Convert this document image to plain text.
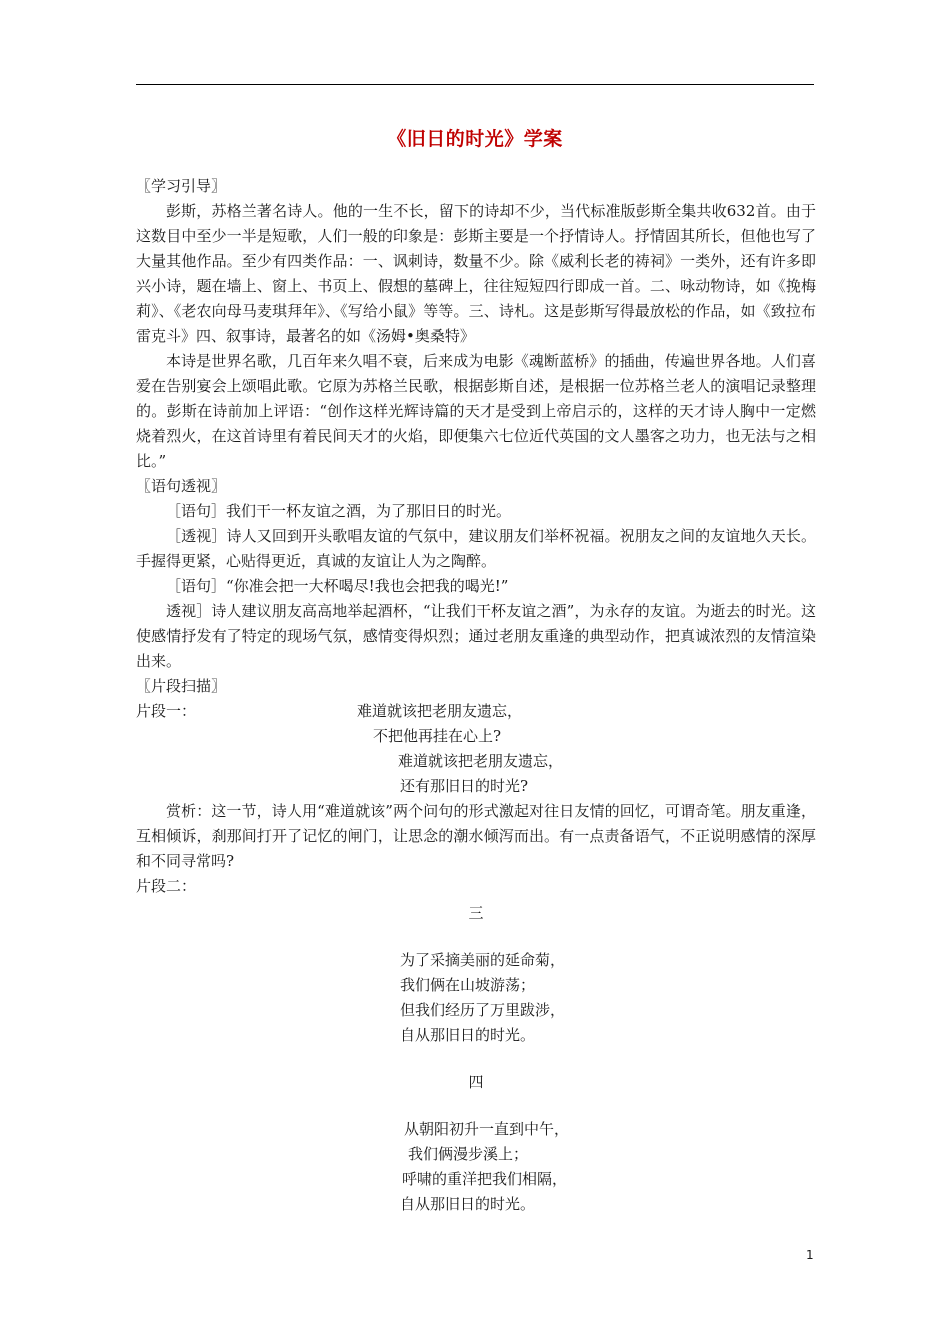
《旧日的时光》学案

〖学习引导〗

彭斯，苏格兰著名诗人。他的一生不长，留下的诗却不少，当代标准版彭斯全集共收632首。由于这数目中至少一半是短歌，人们一般的印象是：彭斯主要是一个抒情诗人。抒情固其所长，但他也写了大量其他作品。至少有四类作品：一、讽刺诗，数量不少。除《威利长老的祷祠》一类外，还有许多即兴小诗，题在墙上、窗上、书页上、假想的墓碑上，往往短短四行即成一首。二、咏动物诗，如《挽梅莉》、《老农向母马麦琪拜年》、《写给小鼠》等等。三、诗札。这是彭斯写得最放松的作品，如《致拉布雷克斗》四、叙事诗，最著名的如《汤姆•奥桑特》

本诗是世界名歌，几百年来久唱不衰，后来成为电影《魂断蓝桥》的插曲，传遍世界各地。人们喜爱在告别宴会上颂唱此歌。它原为苏格兰民歌，根据彭斯自述，是根据一位苏格兰老人的演唱记录整理的。彭斯在诗前加上评语：“创作这样光辉诗篇的天才是受到上帝启示的，这样的天才诗人胸中一定燃烧着烈火，在这首诗里有着民间天才的火焰，即便集六七位近代英国的文人墨客之功力，也无法与之相比。”

〖语句透视〗

［语句］我们干一杯友谊之酒，为了那旧日的时光。

［透视］诗人又回到开头歌唱友谊的气氛中，建议朋友们举杯祝福。祝朋友之间的友谊地久天长。手握得更紧，心贴得更近，真诚的友谊让人为之陶醉。

［语句］“你准会把一大杯喝尽!我也会把我的喝光!”

透视］诗人建议朋友高高地举起酒杯，“让我们干杯友谊之酒”，为永存的友谊。为逝去的时光。这使感情抒发有了特定的现场气氛，感情变得炽烈；通过老朋友重逢的典型动作，把真诚浓烈的友情渲染出来。

〖片段扫描〗

片段一：	难道就该把老朋友遗忘，
不把他再挂在心上?
难道就该把老朋友遗忘，
还有那旧日的时光?

赏析：这一节，诗人用“难道就该”两个问句的形式激起对往日友情的回忆，可谓奇笔。朋友重逢，互相倾诉，刹那间打开了记忆的闸门，让思念的潮水倾泻而出。有一点责备语气，不正说明感情的深厚和不同寻常吗?

片段二：

三
为了采摘美丽的延命菊，
我们俩在山坡游荡；
但我们经历了万里跋涉，
自从那旧日的时光。
四
从朝阳初升一直到中午，
我们俩漫步溪上；
呼啸的重洋把我们相隔，
自从那旧日的时光。
1
